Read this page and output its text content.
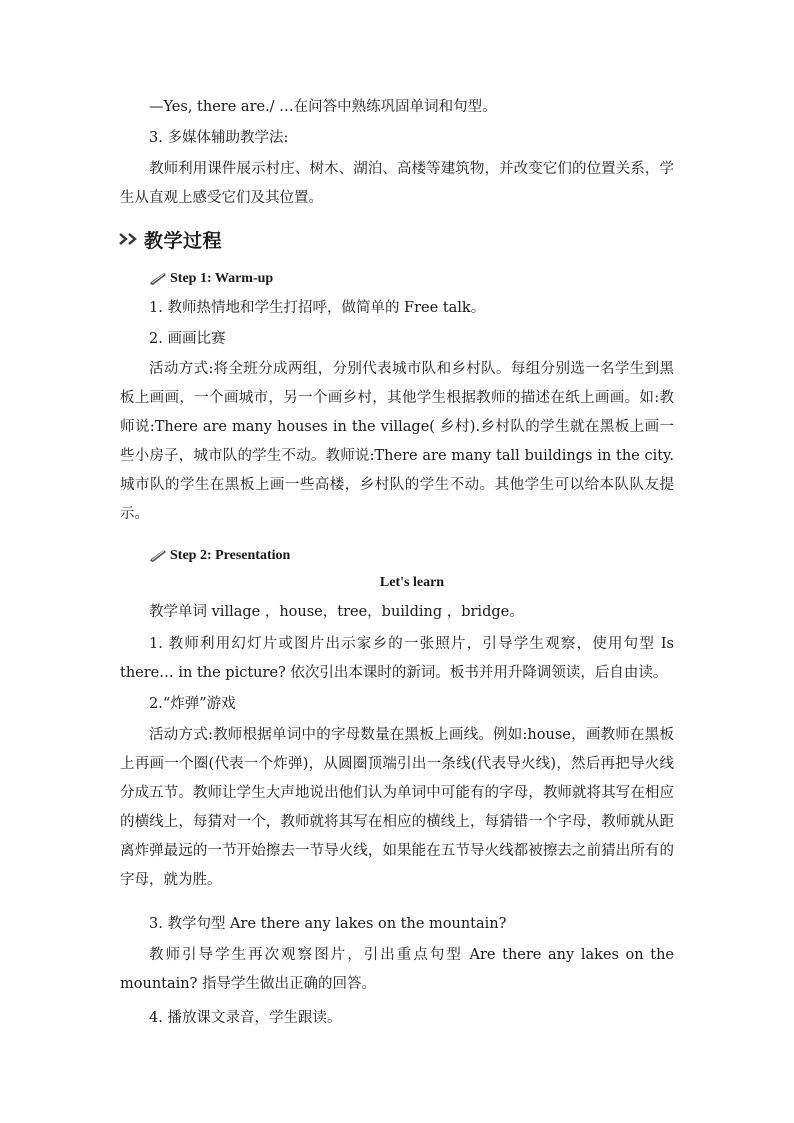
—Yes, there are./ …在问答中熟练巩固单词和句型。

3. 多媒体辅助教学法:

教师利用课件展示村庄、树木、湖泊、高楼等建筑物，并改变它们的位置关系，学生从直观上感受它们及其位置。

教学过程
Step 1: Warm-up

1. 教师热情地和学生打招呼，做简单的 Free talk。

2. 画画比赛

活动方式:将全班分成两组，分别代表城市队和乡村队。每组分别选一名学生到黑板上画画，一个画城市，另一个画乡村，其他学生根据教师的描述在纸上画画。如:教师说:There are many houses in the village( 乡村).乡村队的学生就在黑板上画一些小房子，城市队的学生不动。教师说:There are many tall buildings in the city.城市队的学生在黑板上画一些高楼，乡村队的学生不动。其他学生可以给本队队友提示。

Step 2: Presentation
Let's learn

教学单词 village ，house，tree，building ，bridge。

1. 教师利用幻灯片或图片出示家乡的一张照片，引导学生观察，使用句型 Is there… in the picture? 依次引出本课时的新词。板书并用升降调领读，后自由读。

2.“炸弹”游戏

活动方式:教师根据单词中的字母数量在黑板上画线。例如:house，画教师在黑板上再画一个圈(代表一个炸弹)，从圆圈顶端引出一条线(代表导火线)，然后再把导火线分成五节。教师让学生大声地说出他们认为单词中可能有的字母，教师就将其写在相应的横线上，每猜对一个，教师就将其写在相应的横线上，每猜错一个字母，教师就从距离炸弹最远的一节开始擦去一节导火线，如果能在五节导火线都被擦去之前猜出所有的字母，就为胜。

3. 教学句型 Are there any lakes on the mountain?

教师引导学生再次观察图片，引出重点句型 Are there any lakes on the mountain? 指导学生做出正确的回答。

4. 播放课文录音，学生跟读。
